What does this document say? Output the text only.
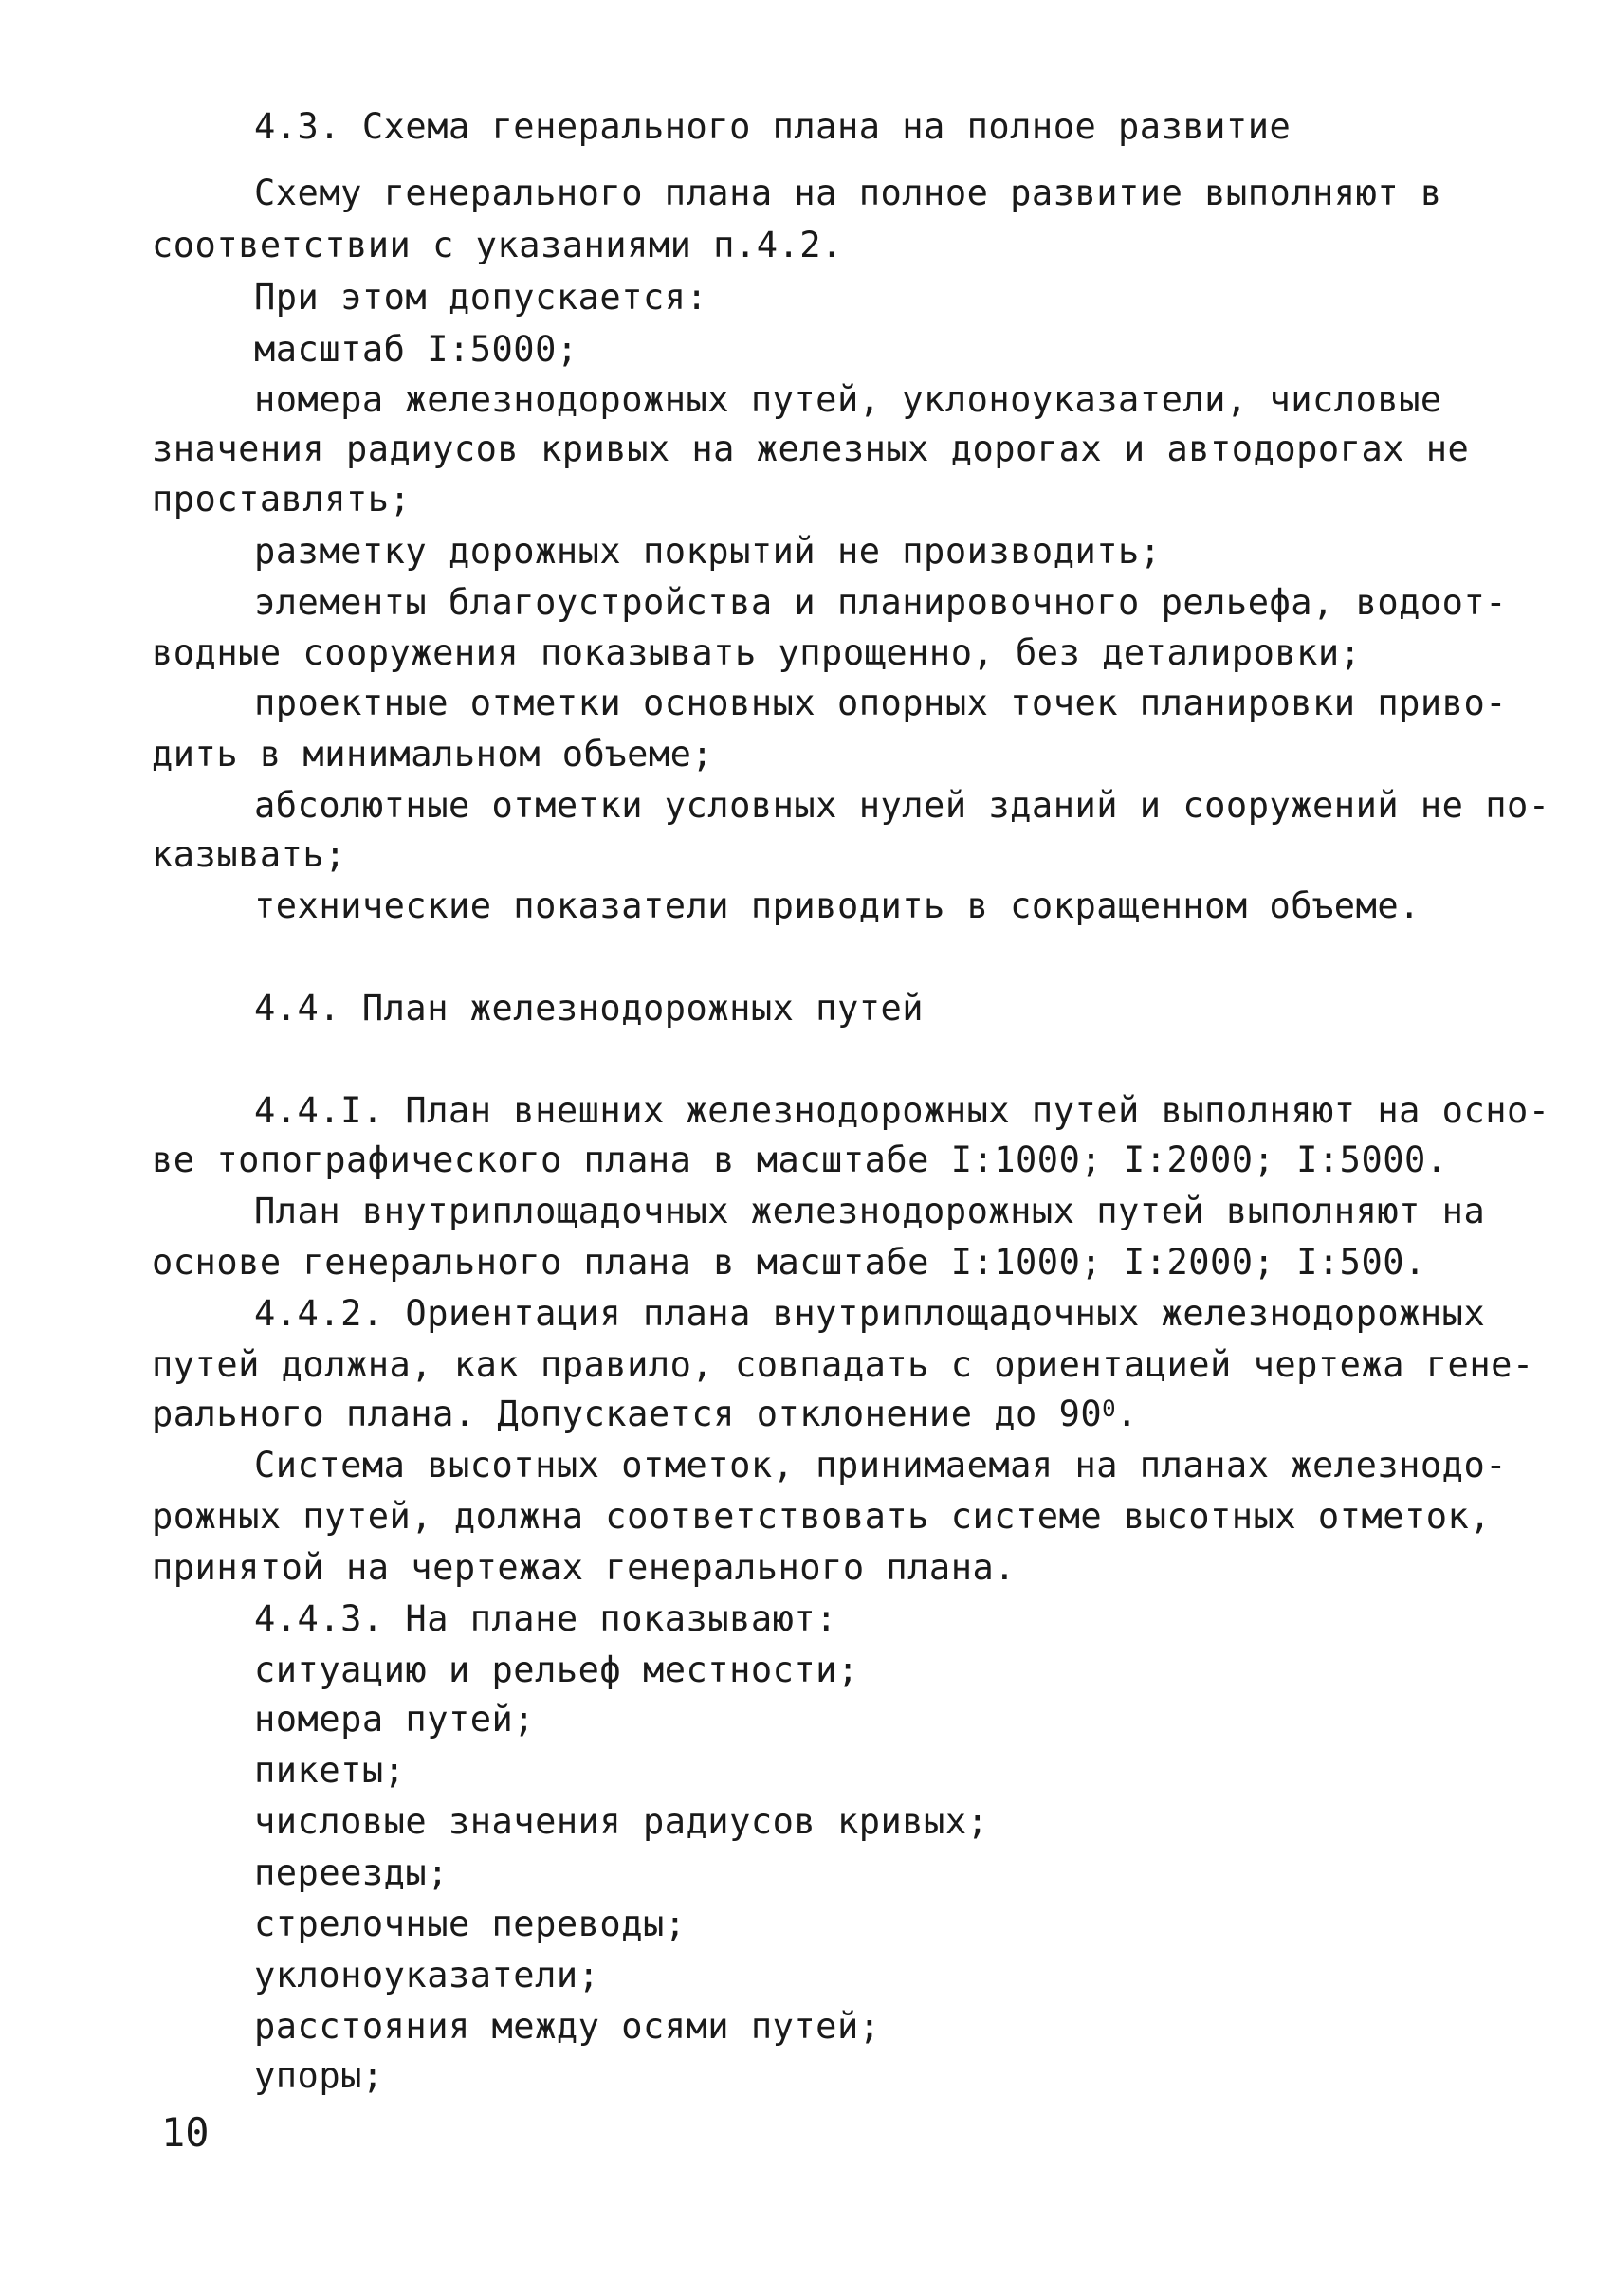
4.3. Схема генерального плана на полное развитие
Схему генерального плана на полное развитие выполняют в
соответствии с указаниями п.4.2.
При этом допускается:
масштаб I:5000;
номера железнодорожных путей, уклоноуказатели, числовые
значения радиусов кривых на железных дорогах и автодорогах не
проставлять;
разметку дорожных покрытий не производить;
элементы благоустройства и планировочного рельефа, водоот-
водные сооружения показывать упрощенно, без деталировки;
проектные отметки основных опорных точек планировки приво-
дить в минимальном объеме;
абсолютные отметки условных нулей зданий и сооружений не по-
казывать;
технические показатели приводить в сокращенном объеме.
4.4. План железнодорожных путей
4.4.I. План внешних железнодорожных путей выполняют на осно-
ве топографического плана в масштабе I:1000; I:2000; I:5000.
План внутриплощадочных железнодорожных путей выполняют на
основе генерального плана в масштабе I:1000; I:2000; I:500.
4.4.2. Ориентация плана внутриплощадочных железнодорожных
путей должна, как правило, совпадать с ориентацией чертежа гене-
рального плана. Допускается отклонение до $90^0$.
Система высотных отметок, принимаемая на планах железнодо-
рожных путей, должна соответствовать системе высотных отметок,
принятой на чертежах генерального плана.
4.4.3. На плане показывают:
ситуацию и рельеф местности;
номера путей;
пикеты;
числовые значения радиусов кривых;
переезды;
стрелочные переводы;
уклоноуказатели;
расстояния между осями путей;
упоры;
10
